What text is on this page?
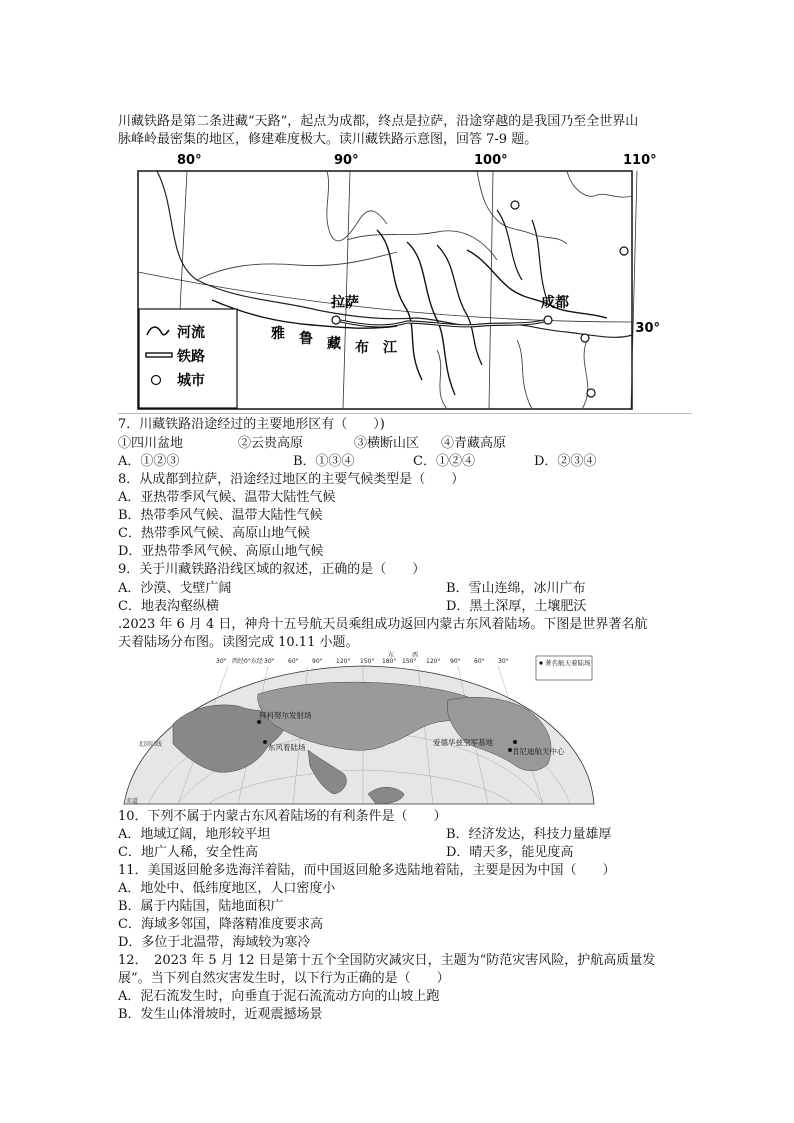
川藏铁路是第二条进藏“天路”，起点为成都，终点是拉萨，沿途穿越的是我国乃至全世界山
脉峰岭最密集的地区，修建难度极大。读川藏铁路示意图，回答 7-9 题。
80°	90°	100°	110°
拉萨	成都
30°
雅 鲁 藏 布 江
河流
铁路
城市
7．川藏铁路沿途经过的主要地形区有（　　）)
①四川盆地	②云贵高原	③横断山区 ④青藏高原
A．①②③	B．①③④	C．①②④	D．②③④
8．从成都到拉萨，沿途经过地区的主要气候类型是（　　）
A．亚热带季风气候、温带大陆性气候
B．热带季风气候、温带大陆性气候
C．热带季风气候、高原山地气候
D．亚热带季风气候、高原山地气候
9．关于川藏铁路沿线区域的叙述，正确的是（　　）
A．沙漠、戈壁广阔	B．雪山连绵，冰川广布
C．地表沟壑纵横	D．黑土深厚，土壤肥沃
.2023 年 6 月 4 日，神舟十五号航天员乘组成功返回内蒙古东风着陆场。下图是世界著名航
天着陆场分布图。读图完成 10.11 小题。
30° 西经0°东经 30° 60° 90° 120° 150° 180° 150° 120° 90° 60° 30°
东	西
拜科努尔发射场
东风着陆场
爱德华兹空军基地
肯尼迪航天中心
北回归线
赤道
著名航天着陆场
10．下列不属于内蒙古东风着陆场的有利条件是（　　）
A．地域辽阔，地形较平坦	B．经济发达，科技力量雄厚
C．地广人稀，安全性高	D．晴天多，能见度高
11．美国返回舱多选海洋着陆，而中国返回舱多选陆地着陆，主要是因为中国（　　）
A．地处中、低纬度地区，人口密度小
B．属于内陆国，陆地面积广
C．海域多邻国，降落精准度要求高
D．多位于北温带，海域较为寒冷
12．　2023 年 5 月 12 日是第十五个全国防灾减灾日，主题为“防范灾害风险，护航高质量发
展”。当下列自然灾害发生时，以下行为正确的是（　　）
A．泥石流发生时，向垂直于泥石流流动方向的山坡上跑
B．发生山体滑坡时，近观震撼场景
